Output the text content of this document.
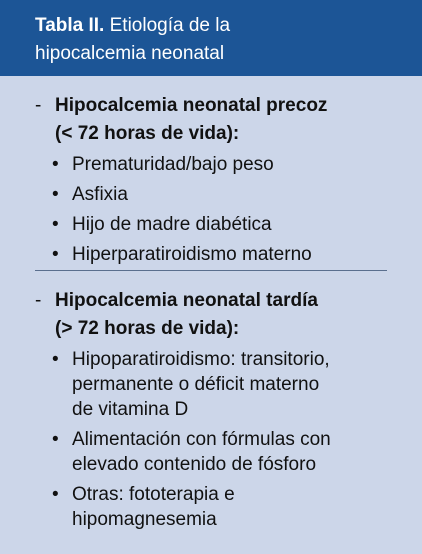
Tabla II. Etiología de la
hipocalcemia neonatal
- Hipocalcemia neonatal precoz
(< 72 horas de vida):
• Prematuridad/bajo peso
• Asfixia
• Hijo de madre diabética
• Hiperparatiroidismo materno
- Hipocalcemia neonatal tardía
(> 72 horas de vida):
• Hipoparatiroidismo: transitorio,
permanente o déficit materno
de vitamina D
• Alimentación con fórmulas con
elevado contenido de fósforo
• Otras: fototerapia e
hipomagnesemia
